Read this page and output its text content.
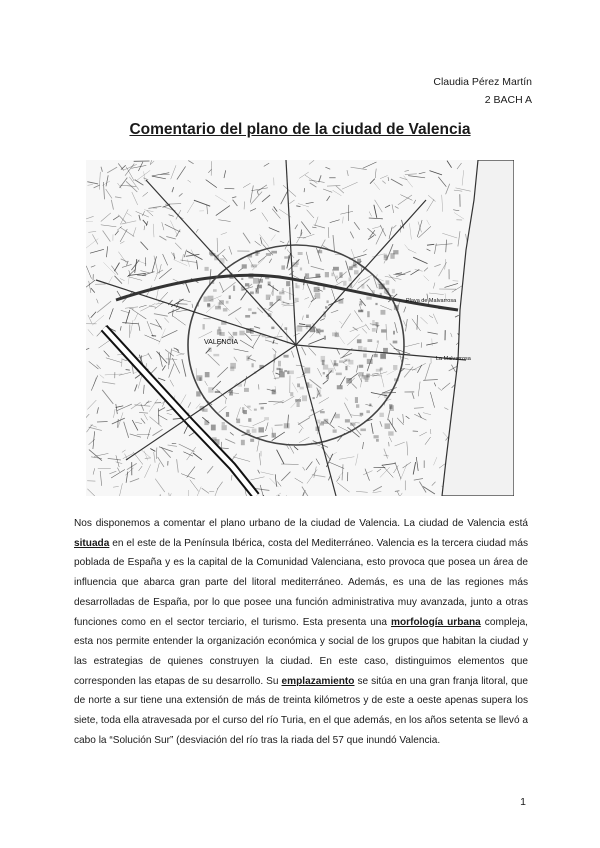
Claudia Pérez Martín
2 BACH A
Comentario del plano de la ciudad de Valencia
VALENCIA
Playa de Malvarrosa
La Malvarrosa
Nos disponemos a comentar el plano urbano de la ciudad de Valencia. La ciudad de Valencia está situada en el este de la Península Ibérica, costa del Mediterráneo. Valencia es la tercera ciudad más poblada de España y es la capital de la Comunidad Valenciana, esto provoca que posea un área de influencia que abarca gran parte del litoral mediterráneo. Además, es una de las regiones más desarrolladas de España, por lo que posee una función administrativa muy avanzada, junto a otras funciones como en el sector terciario, el turismo. Esta presenta una morfología urbana compleja, esta nos permite entender la organización económica y social de los grupos que habitan la ciudad y las estrategias de quienes construyen la ciudad. En este caso, distinguimos elementos que corresponden las etapas de su desarrollo. Su emplazamiento se sitúa en una gran franja litoral, que de norte a sur tiene una extensión de más de treinta kilómetros y de este a oeste apenas supera los siete, toda ella atravesada por el curso del río Turia, en el que además, en los años setenta se llevó a cabo la “Solución Sur” (desviación del río tras la riada del 57 que inundó Valencia.
1
